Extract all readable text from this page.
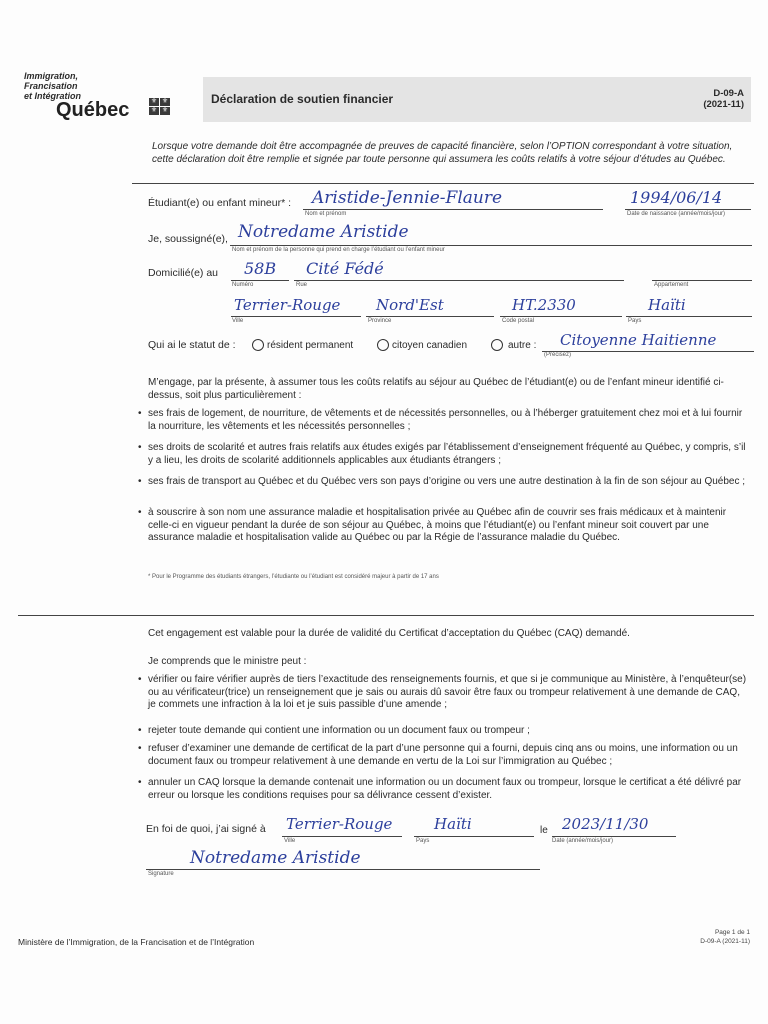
Immigration,
Francisation
et Intégration
Québec	⚜ ⚜
⚜ ⚜
Déclaration de soutien financier	D-09-A
(2021-11)
Lorsque votre demande doit être accompagnée de preuves de capacité financière, selon l’OPTION correspondant à votre situation, cette déclaration doit être remplie et signée par toute personne qui assumera les coûts relatifs à votre séjour d’études au Québec.
Étudiant(e) ou enfant mineur* : Aristide-Jennie-Flaure
Nom et prénom
1994/06/14
Date de naissance (année/mois/jour)
Je, soussigné(e), Notredame Aristide
Nom et prénom de la personne qui prend en charge l’étudiant ou l’enfant mineur
Domicilié(e) au 58B
Numéro
Cité Fédé
Rue	Appartement
Terrier-Rouge
Ville
Nord'Est
Province
HT.2330
Code postal
Haïti
Pays
Qui ai le statut de :	résident permanent	citoyen canadien	autre : Citoyenne Haitienne
(Précisez)
M’engage, par la présente, à assumer tous les coûts relatifs au séjour au Québec de l’étudiant(e) ou de l’enfant mineur identifié ci-dessus, soit plus particulièrement :
• ses frais de logement, de nourriture, de vêtements et de nécessités personnelles, ou à l’héberger gratuitement chez moi et à lui fournir la nourriture, les vêtements et les nécessités personnelles ;
• ses droits de scolarité et autres frais relatifs aux études exigés par l’établissement d’enseignement fréquenté au Québec, y compris, s’il y a lieu, les droits de scolarité additionnels applicables aux étudiants étrangers ;
• ses frais de transport au Québec et du Québec vers son pays d’origine ou vers une autre destination à la fin de son séjour au Québec ;
• à souscrire à son nom une assurance maladie et hospitalisation privée au Québec afin de couvrir ses frais médicaux et à maintenir celle-ci en vigueur pendant la durée de son séjour au Québec, à moins que l’étudiant(e) ou l’enfant mineur soit couvert par une assurance maladie et hospitalisation valide au Québec ou par la Régie de l’assurance maladie du Québec.
* Pour le Programme des étudiants étrangers, l’étudiante ou l’étudiant est considéré majeur à partir de 17 ans
Cet engagement est valable pour la durée de validité du Certificat d’acceptation du Québec (CAQ) demandé.
Je comprends que le ministre peut :
• vérifier ou faire vérifier auprès de tiers l’exactitude des renseignements fournis, et que si je communique au Ministère, à l’enquêteur(se) ou au vérificateur(trice) un renseignement que je sais ou aurais dû savoir être faux ou trompeur relativement à une demande de CAQ, je commets une infraction à la loi et je suis passible d’une amende ;
• rejeter toute demande qui contient une information ou un document faux ou trompeur ;
• refuser d’examiner une demande de certificat de la part d’une personne qui a fourni, depuis cinq ans ou moins, une information ou un document faux ou trompeur relativement à une demande en vertu de la Loi sur l’immigration au Québec ;
• annuler un CAQ lorsque la demande contenait une information ou un document faux ou trompeur, lorsque le certificat a été délivré par erreur ou lorsque les conditions requises pour sa délivrance cessent d’exister.
En foi de quoi, j’ai signé à Terrier-Rouge
Ville
Haïti
Pays
le 2023/11/30
Date (année/mois/jour)
Notredame Aristide
Signature
Ministère de l’Immigration, de la Francisation et de l’Intégration
Page 1 de 1
D-09-A (2021-11)
